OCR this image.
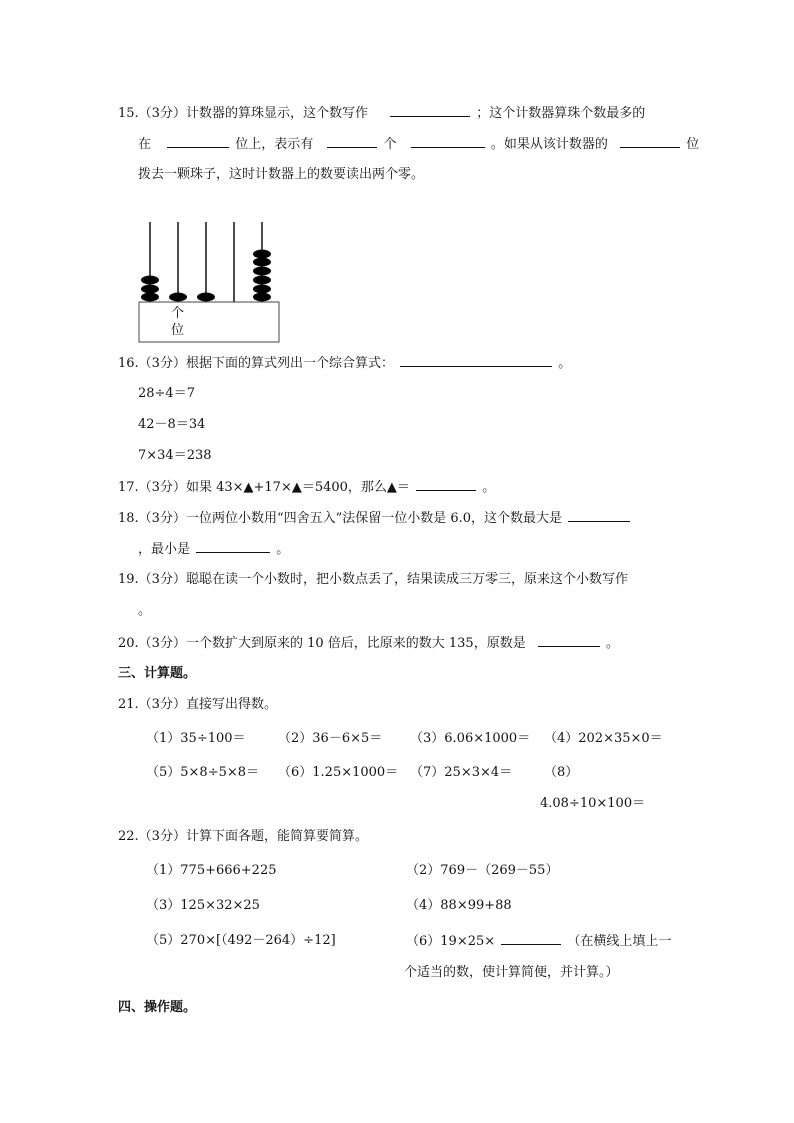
15.（3分）计数器的算珠显示，这个数写作	；这个计数器算珠个数最多的
在	位上，表示有	个	。如果从该计数器的	位
拨去一颗珠子，这时计数器上的数要读出两个零。
个
位
16.（3分）根据下面的算式列出一个综合算式：	。
28÷4＝7
42－8＝34
7×34＝238
17.（3分）如果 43×▲+17×▲＝5400，那么▲＝	。
18.（3分）一位两位小数用“四舍五入”法保留一位小数是 6.0，这个数最大是
，最小是	。
19.（3分）聪聪在读一个小数时，把小数点丢了，结果读成三万零三，原来这个小数写作
。
20.（3分）一个数扩大到原来的 10 倍后，比原来的数大 135，原数是	。
三、计算题。
21.（3分）直接写出得数。
（1）35÷100＝ （2）36－6×5＝ （3）6.06×1000＝ （4）202×35×0＝
（5）5×8÷5×8＝ （6）1.25×1000＝ （7）25×3×4＝ （8）
4.08÷10×100＝
22.（3分）计算下面各题，能简算要简算。
（1）775+666+225	（2）769－（269－55）
（3）125×32×25	（4）88×99+88
（5）270×[（492－264）÷12]	（6）19×25×	（在横线上填上一
个适当的数，使计算简便，并计算。）
四、操作题。
